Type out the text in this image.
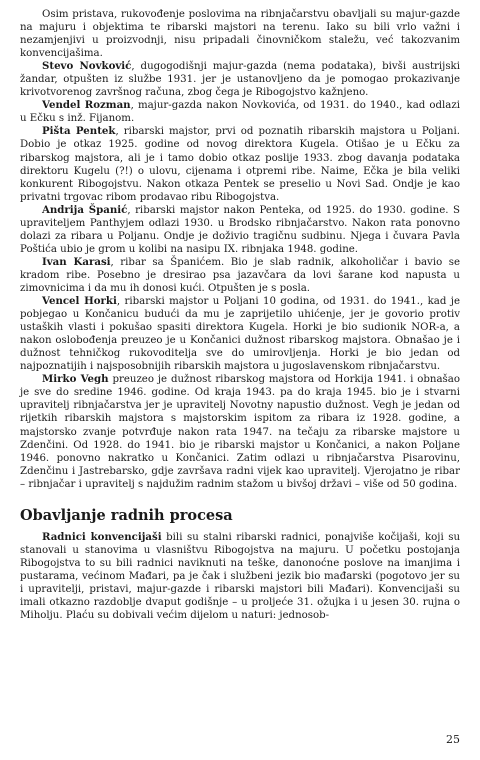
Osim pristava, rukovođenje poslovima na ribnjačarstvu obavljali su majur-gazde na majuru i objektima te ribarski majstori na terenu. Iako su bili vrlo važni i nezamjenjivi u proizvodnji, nisu pripadali činovničkom staležu, već takozvanim konvencijašima.

Stevo Novković, dugogodišnji majur-gazda (nema podataka), bivši austrijski žandar, otpušten iz službe 1931. jer je ustanovljeno da je pomogao prokazivanje krivotvorenog završnog računa, zbog čega je Ribogojstvo kažnjeno.

Vendel Rozman, majur-gazda nakon Novkovića, od 1931. do 1940., kad odlazi u Ečku s inž. Fijanom.

Pišta Pentek, ribarski majstor, prvi od poznatih ribarskih majstora u Poljani. Dobio je otkaz 1925. godine od novog direktora Kugela. Otišao je u Ečku za ribarskog majstora, ali je i tamo dobio otkaz poslije 1933. zbog davanja podataka direktoru Kugelu (?!) o ulovu, cijenama i otpremi ribe. Naime, Ečka je bila veliki konkurent Ribogojstvu. Nakon otkaza Pentek se preselio u Novi Sad. Ondje je kao privatni trgovac ribom prodavao ribu Ribogojstva.

Andrija Španić, ribarski majstor nakon Penteka, od 1925. do 1930. godine. S upraviteljem Panthyjem odlazi 1930. u Brodsko ribnjačarstvo. Nakon rata ponovno dolazi za ribara u Poljanu. Ondje je doživio tragičnu sudbinu. Njega i čuvara Pavla Poštića ubio je grom u kolibi na nasipu IX. ribnjaka 1948. godine.

Ivan Karasi, ribar sa Španićem. Bio je slab radnik, alkoholičar i bavio se kradom ribe. Posebno je dresirao psa jazavčara da lovi šarane kod napusta u zimovnicima i da mu ih donosi kući. Otpušten je s posla.

Vencel Horki, ribarski majstor u Poljani 10 godina, od 1931. do 1941., kad je pobjegao u Končanicu budući da mu je zaprijetilo uhićenje, jer je govorio protiv ustaških vlasti i pokušao spasiti direktora Kugela. Horki je bio sudionik NOR-a, a nakon oslobođenja preuzeo je u Končanici dužnost ribarskog majstora. Obnašao je i dužnost tehničkog rukovoditelja sve do umirovljenja. Horki je bio jedan od najpoznatijih i najsposobnijih ribarskih majstora u jugoslavenskom ribnjačarstvu.

Mirko Vegh preuzeo je dužnost ribarskog majstora od Horkija 1941. i obnašao je sve do sredine 1946. godine. Od kraja 1943. pa do kraja 1945. bio je i stvarni upravitelj ribnjačarstva jer je upravitelj Novotny napustio dužnost. Vegh je jedan od rijetkih ribarskih majstora s majstorskim ispitom za ribara iz 1928. godine, a majstorsko zvanje potvrđuje nakon rata 1947. na tečaju za ribarske majstore u Zdenčini. Od 1928. do 1941. bio je ribarski majstor u Končanici, a nakon Poljane 1946. ponovno nakratko u Končanici. Zatim odlazi u ribnjačarstva Pisarovinu, Zdenčinu i Jastrebarsko, gdje završava radni vijek kao upravitelj. Vjerojatno je ribar – ribnjačar i upravitelj s najdužim radnim stažom u bivšoj državi – više od 50 godina.

Obavljanje radnih procesa

Radnici konvencijaši bili su stalni ribarski radnici, ponajviše kočijaši, koji su stanovali u stanovima u vlasništvu Ribogojstva na majuru. U početku postojanja Ribogojstva to su bili radnici naviknuti na teške, danonoćne poslove na imanjima i pustarama, većinom Mađari, pa je čak i službeni jezik bio mađarski (pogotovo jer su i upravitelji, pristavi, majur-gazde i ribarski majstori bili Mađari). Konvencijaši su imali otkazno razdoblje dvaput godišnje – u proljeće 31. ožujka i u jesen 30. rujna o Miholju. Plaću su dobivali većim dijelom u naturi: jednosob-

25
